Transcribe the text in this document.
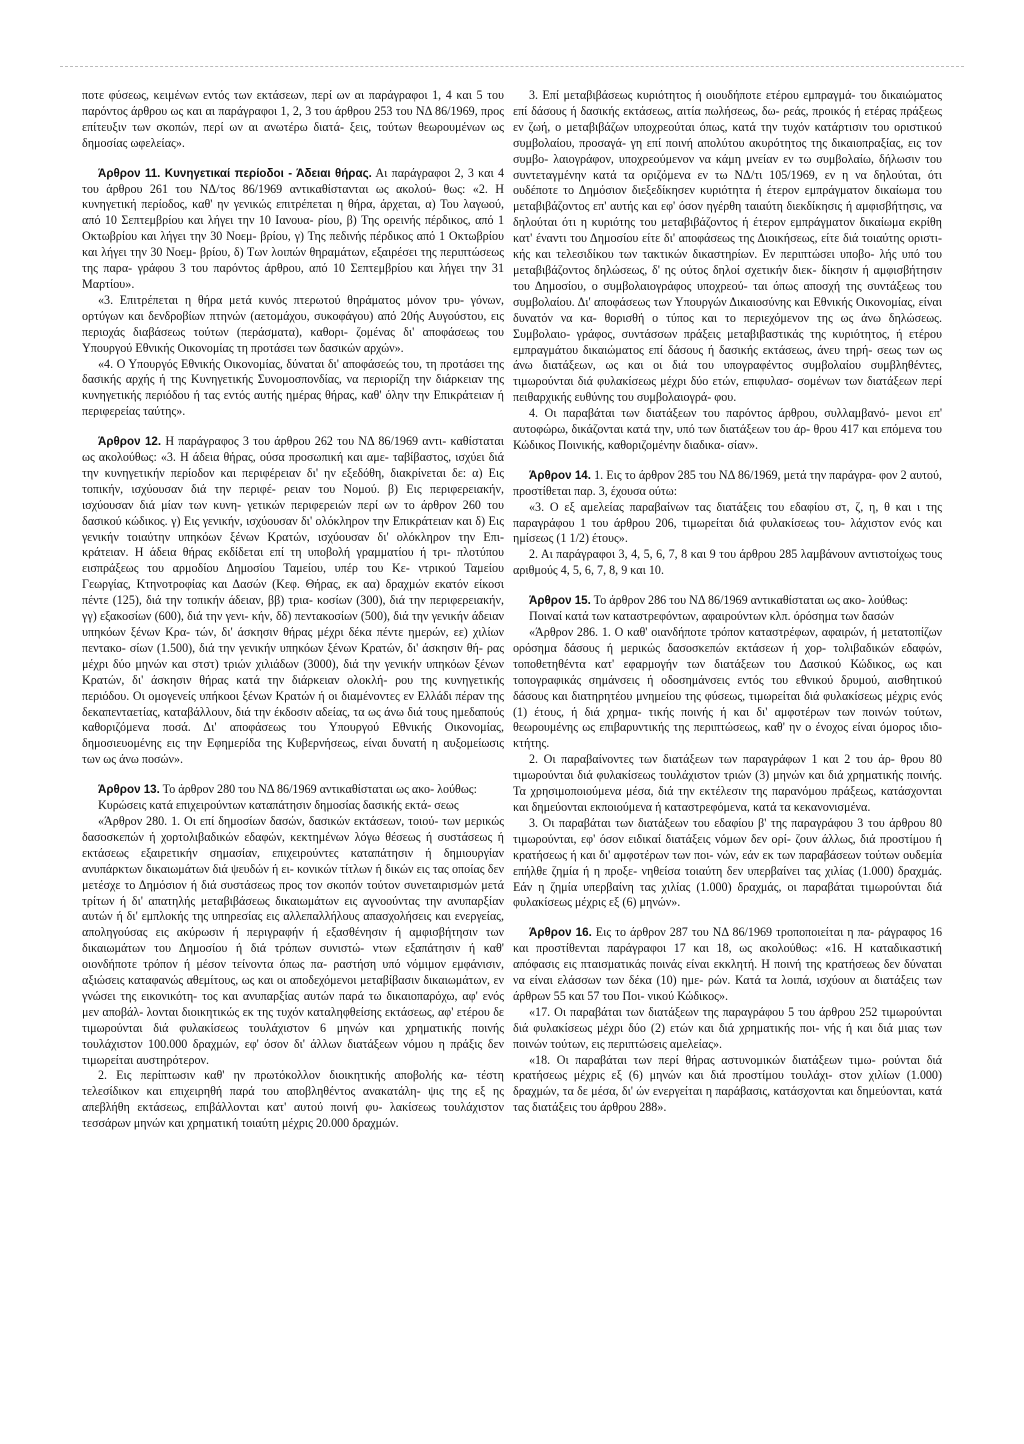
ποτε φύσεως, κειμένων εντός των εκτάσεων, περί ων αι παράγραφοι 1, 4 και 5 του παρόντος άρθρου ως και αι παράγραφοι 1, 2, 3 του άρθρου 253 του ΝΔ 86/1969, προς επίτευξιν των σκοπών, περί ων αι ανωτέρω διατά- ξεις, τούτων θεωρουμένων ως δημοσίας ωφελείας».

Άρθρον 11. Κυνηγετικαί περίοδοι - Άδειαι θήρας. Αι παράγραφοι 2, 3 και 4 του άρθρου 261 του ΝΔ/τος 86/1969 αντικαθίστανται ως ακολού- θως: «2. Η κυνηγετική περίοδος, καθ' ην γενικώς επιτρέπεται η θήρα, άρχεται, α) Του λαγωού, από 10 Σεπτεμβρίου και λήγει την 10 Ιανουα- ρίου, β) Της ορεινής πέρδικος, από 1 Οκτωβρίου και λήγει την 30 Νοεμ- βρίου, γ) Της πεδινής πέρδικος από 1 Οκτωβρίου και λήγει την 30 Νοεμ- βρίου, δ) Των λοιπών θηραμάτων, εξαιρέσει της περιπτώσεως της παρα- γράφου 3 του παρόντος άρθρου, από 10 Σεπτεμβρίου και λήγει την 31 Μαρτίου».

«3. Επιτρέπεται η θήρα μετά κυνός πτερωτού θηράματος μόνον τρυ- γόνων, ορτύγων και δενδροβίων πτηνών (αετομάχου, συκοφάγου) από 20ής Αυγούστου, εις περιοχάς διαβάσεως τούτων (περάσματα), καθορι- ζομένας δι' αποφάσεως του Υπουργού Εθνικής Οικονομίας τη προτάσει των δασικών αρχών».

«4. Ο Υπουργός Εθνικής Οικονομίας, δύναται δι' αποφάσεώς του, τη προτάσει της δασικής αρχής ή της Κυνηγετικής Συνομοσπονδίας, να περιορίζη την διάρκειαν της κυνηγετικής περιόδου ή τας εντός αυτής ημέρας θήρας, καθ' όλην την Επικράτειαν ή περιφερείας ταύτης».

Άρθρον 12. Η παράγραφος 3 του άρθρου 262 του ΝΔ 86/1969 αντι- καθίσταται ως ακολούθως: «3. Η άδεια θήρας, ούσα προσωπική και αμε- ταβίβαστος, ισχύει διά την κυνηγετικήν περίοδον και περιφέρειαν δι' ην εξεδόθη, διακρίνεται δε: α) Εις τοπικήν, ισχύουσαν διά την περιφέ- ρειαν του Νομού. β) Εις περιφερειακήν, ισχύουσαν διά μίαν των κυνη- γετικών περιφερειών περί ων το άρθρον 260 του δασικού κώδικος. γ) Εις γενικήν, ισχύουσαν δι' ολόκληρον την Επικράτειαν και δ) Εις γενικήν τοιαύτην υπηκόων ξένων Κρατών, ισχύουσαν δι' ολόκληρον την Επι- κράτειαν. Η άδεια θήρας εκδίδεται επί τη υποβολή γραμματίου ή τρι- πλοτύπου εισπράξεως του αρμοδίου Δημοσίου Ταμείου, υπέρ του Κε- ντρικού Ταμείου Γεωργίας, Κτηνοτροφίας και Δασών (Κεφ. Θήρας, εκ αα) δραχμών εκατόν είκοσι πέντε (125), διά την τοπικήν άδειαν, ββ) τρια- κοσίων (300), διά την περιφερειακήν, γγ) εξακοσίων (600), διά την γενι- κήν, δδ) πεντακοσίων (500), διά την γενικήν άδειαν υπηκόων ξένων Κρα- τών, δι' άσκησιν θήρας μέχρι δέκα πέντε ημερών, εε) χιλίων πεντακο- σίων (1.500), διά την γενικήν υπηκόων ξένων Κρατών, δι' άσκησιν θή- ρας μέχρι δύο μηνών και στστ) τριών χιλιάδων (3000), διά την γενικήν υπηκόων ξένων Κρατών, δι' άσκησιν θήρας κατά την διάρκειαν ολοκλή- ρου της κυνηγετικής περιόδου. Οι ομογενείς υπήκοοι ξένων Κρατών ή οι διαμένοντες εν Ελλάδι πέραν της δεκαπενταετίας, καταβάλλουν, διά την έκδοσιν αδείας, τα ως άνω διά τους ημεδαπούς καθοριζόμενα ποσά. Δι' αποφάσεως του Υπουργού Εθνικής Οικονομίας, δημοσιευομένης εις την Εφημερίδα της Κυβερνήσεως, είναι δυνατή η αυξομείωσις των ως άνω ποσών».

Άρθρον 13. Το άρθρον 280 του ΝΔ 86/1969 αντικαθίσταται ως ακο- λούθως:

Κυρώσεις κατά επιχειρούντων καταπάτησιν δημοσίας δασικής εκτά- σεως

«Άρθρον 280. 1. Οι επί δημοσίων δασών, δασικών εκτάσεων, τοιού- των μερικώς δασοσκεπών ή χορτολιβαδικών εδαφών, κεκτημένων λόγω θέσεως ή συστάσεως ή εκτάσεως εξαιρετικήν σημασίαν, επιχειρούντες καταπάτησιν ή δημιουργίαν ανυπάρκτων δικαιωμάτων διά ψευδών ή ει- κονικών τίτλων ή δικών εις τας οποίας δεν μετέσχε το Δημόσιον ή διά συστάσεως προς τον σκοπόν τούτον συνεταιρισμών μετά τρίτων ή δι' απατηλής μεταβιβάσεως δικαιωμάτων εις αγνοούντας την ανυπαρξίαν αυτών ή δι' εμπλοκής της υπηρεσίας εις αλλεπαλλήλους απασχολήσεις και ενεργείας, αποληγούσας εις ακύρωσιν ή περιγραφήν ή εξασθένησιν ή αμφισβήτησιν των δικαιωμάτων του Δημοσίου ή διά τρόπων συνιστώ- ντων εξαπάτησιν ή καθ' οιονδήποτε τρόπον ή μέσον τείνοντα όπως πα- ραστήση υπό νόμιμον εμφάνισιν, αξιώσεις καταφανώς αθεμίτους, ως και οι αποδεχόμενοι μεταβίβασιν δικαιωμάτων, εν γνώσει της εικονικότη- τος και ανυπαρξίας αυτών παρά τω δικαιοπαρόχω, αφ' ενός μεν αποβάλ- λονται διοικητικώς εκ της τυχόν καταληφθείσης εκτάσεως, αφ' ετέρου δε τιμωρούνται διά φυλακίσεως τουλάχιστον 6 μηνών και χρηματικής ποινής τουλάχιστον 100.000 δραχμών, εφ' όσον δι' άλλων διατάξεων νόμου η πράξις δεν τιμωρείται αυστηρότερον.

2. Εις περίπτωσιν καθ' ην πρωτόκολλον διοικητικής αποβολής κα- τέστη τελεσίδικον και επιχειρηθή παρά του αποβληθέντος ανακατάλη- ψις της εξ ης απεβλήθη εκτάσεως, επιβάλλονται κατ' αυτού ποινή φυ- λακίσεως τουλάχιστον τεσσάρων μηνών και χρηματική τοιαύτη μέχρις 20.000 δραχμών.

3. Επί μεταβιβάσεως κυριότητος ή οιουδήποτε ετέρου εμπραγμά- του δικαιώματος επί δάσους ή δασικής εκτάσεως, αιτία πωλήσεως, δω- ρεάς, προικός ή ετέρας πράξεως εν ζωή, ο μεταβιβάζων υποχρεούται όπως, κατά την τυχόν κατάρτισιν του οριστικού συμβολαίου, προσαγά- γη επί ποινή απολύτου ακυρότητος της δικαιοπραξίας, εις τον συμβο- λαιογράφον, υποχρεούμενον να κάμη μνείαν εν τω συμβολαίω, δήλωσιν του συντεταγμένην κατά τα οριζόμενα εν τω ΝΔ/τι 105/1969, εν η να δηλούται, ότι ουδέποτε το Δημόσιον διεξεδίκησεν κυριότητα ή έτερον εμπράγματον δικαίωμα του μεταβιβάζοντος επ' αυτής και εφ' όσον ηγέρθη ταιαύτη διεκδίκησις ή αμφισβήτησις, να δηλούται ότι η κυριότης του μεταβιβάζοντος ή έτερον εμπράγματον δικαίωμα εκρίθη κατ' έναντι του Δημοσίου είτε δι' αποφάσεως της Διοικήσεως, είτε διά τοιαύτης οριστι- κής και τελεσιδίκου των τακτικών δικαστηρίων. Εν περιπτώσει υποβο- λής υπό του μεταβιβάζοντος δηλώσεως, δ' ης ούτος δηλοί σχετικήν διεκ- δίκησιν ή αμφισβήτησιν του Δημοσίου, ο συμβολαιογράφος υποχρεού- ται όπως αποσχή της συντάξεως του συμβολαίου. Δι' αποφάσεως των Υπουργών Δικαιοσύνης και Εθνικής Οικονομίας, είναι δυνατόν να κα- θορισθή ο τύπος και το περιεχόμενον της ως άνω δηλώσεως. Συμβολαιο- γράφος, συντάσσων πράξεις μεταβιβαστικάς της κυριότητος, ή ετέρου εμπραγμάτου δικαιώματος επί δάσους ή δασικής εκτάσεως, άνευ τηρή- σεως των ως άνω διατάξεων, ως και οι διά του υπογραφέντος συμβολαίου συμβληθέντες, τιμωρούνται διά φυλακίσεως μέχρι δύο ετών, επιφυλασ- σομένων των διατάξεων περί πειθαρχικής ευθύνης του συμβολαιογρά- φου.

4. Οι παραβάται των διατάξεων του παρόντος άρθρου, συλλαμβανό- μενοι επ' αυτοφώρω, δικάζονται κατά την, υπό των διατάξεων του άρ- θρου 417 και επόμενα του Κώδικος Ποινικής, καθοριζομένην διαδικα- σίαν».

Άρθρον 14. 1. Εις το άρθρον 285 του ΝΔ 86/1969, μετά την παράγρα- φον 2 αυτού, προστίθεται παρ. 3, έχουσα ούτω:

«3. Ο εξ αμελείας παραβαίνων τας διατάξεις του εδαφίου στ, ζ, η, θ και ι της παραγράφου 1 του άρθρου 206, τιμωρείται διά φυλακίσεως του- λάχιστον ενός και ημίσεως (1 1/2) έτους».

2. Αι παράγραφοι 3, 4, 5, 6, 7, 8 και 9 του άρθρου 285 λαμβάνουν αντιστοίχως τους αριθμούς 4, 5, 6, 7, 8, 9 και 10.

Άρθρον 15. Το άρθρον 286 του ΝΔ 86/1969 αντικαθίσταται ως ακο- λούθως:

Ποιναί κατά των καταστρεφόντων, αφαιρούντων κλπ. όρόσημα των δασών

«Άρθρον 286. 1. Ο καθ' οιανδήποτε τρόπον καταστρέφων, αφαιρών, ή μετατοπίζων ορόσημα δάσους ή μερικώς δασοσκεπών εκτάσεων ή χορ- τολιβαδικών εδαφών, τοποθετηθέντα κατ' εφαρμογήν των διατάξεων του Δασικού Κώδικος, ως και τοπογραφικάς σημάνσεις ή οδοσημάνσεις εντός του εθνικού δρυμού, αισθητικού δάσους και διατηρητέου μνημείου της φύσεως, τιμωρείται διά φυλακίσεως μέχρις ενός (1) έτους, ή διά χρημα- τικής ποινής ή και δι' αμφοτέρων των ποινών τούτων, θεωρουμένης ως επιβαρυντικής της περιπτώσεως, καθ' ην ο ένοχος είναι όμορος ιδιο- κτήτης.

2. Οι παραβαίνοντες των διατάξεων των παραγράφων 1 και 2 του άρ- θρου 80 τιμωρούνται διά φυλακίσεως τουλάχιστον τριών (3) μηνών και διά χρηματικής ποινής. Τα χρησιμοποιούμενα μέσα, διά την εκτέλεσιν της παρανόμου πράξεως, κατάσχονται και δημεύονται εκποιούμενα ή καταστρεφόμενα, κατά τα κεκανονισμένα.

3. Οι παραβάται των διατάξεων του εδαφίου β' της παραγράφου 3 του άρθρου 80 τιμωρούνται, εφ' όσον ειδικαί διατάξεις νόμων δεν ορί- ζουν άλλως, διά προστίμου ή κρατήσεως ή και δι' αμφοτέρων των ποι- νών, εάν εκ των παραβάσεων τούτων ουδεμία επήλθε ζημία ή η προξε- νηθείσα τοιαύτη δεν υπερβαίνει τας χιλίας (1.000) δραχμάς. Εάν η ζημία υπερβαίνη τας χιλίας (1.000) δραχμάς, οι παραβάται τιμωρούνται διά φυλακίσεως μέχρις εξ (6) μηνών».

Άρθρον 16. Εις το άρθρον 287 του ΝΔ 86/1969 τροποποιείται η πα- ράγραφος 16 και προστίθενται παράγραφοι 17 και 18, ως ακολούθως: «16. Η καταδικαστική απόφασις εις πταισματικάς ποινάς είναι εκκλητή. Η ποινή της κρατήσεως δεν δύναται να είναι ελάσσων των δέκα (10) ημε- ρών. Κατά τα λοιπά, ισχύουν αι διατάξεις των άρθρων 55 και 57 του Ποι- νικού Κώδικος».

«17. Οι παραβάται των διατάξεων της παραγράφου 5 του άρθρου 252 τιμωρούνται διά φυλακίσεως μέχρι δύο (2) ετών και διά χρηματικής ποι- νής ή και διά μιας των ποινών τούτων, εις περιπτώσεις αμελείας».

«18. Οι παραβάται των περί θήρας αστυνομικών διατάξεων τιμω- ρούνται διά κρατήσεως μέχρις εξ (6) μηνών και διά προστίμου τουλάχι- στον χιλίων (1.000) δραχμών, τα δε μέσα, δι' ών ενεργείται η παράβασις, κατάσχονται και δημεύονται, κατά τας διατάξεις του άρθρου 288».
